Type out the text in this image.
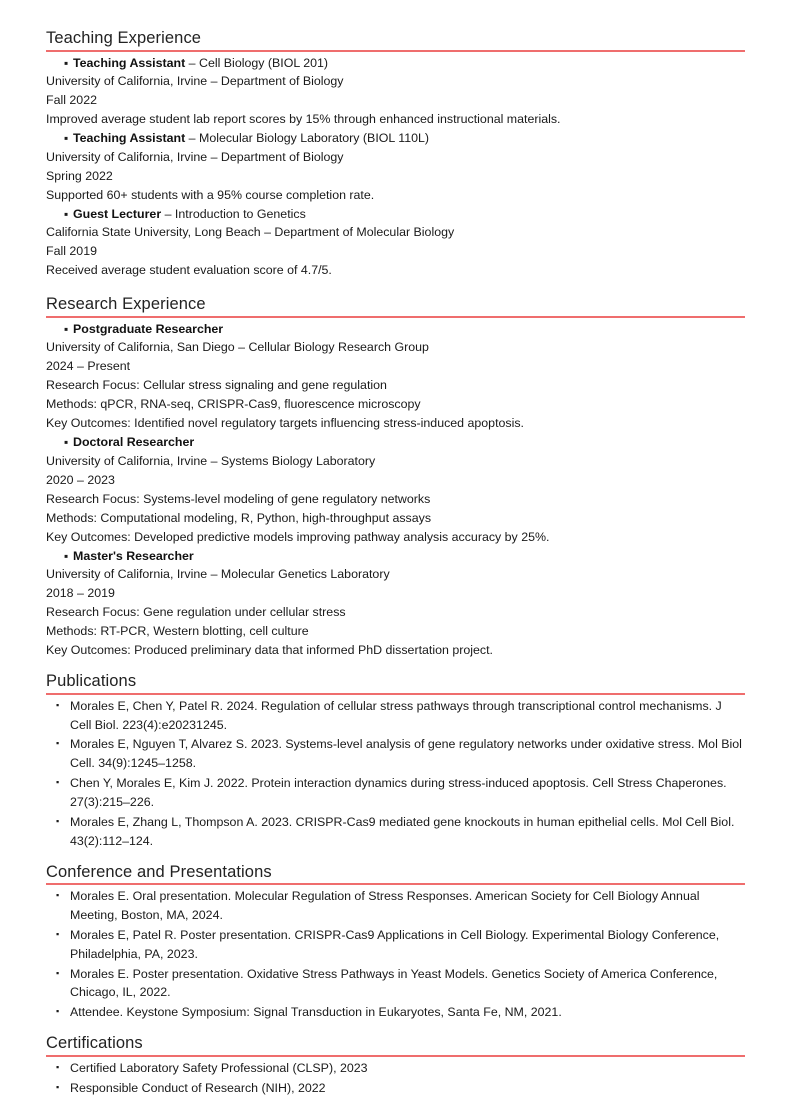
Teaching Experience
▪ Teaching Assistant – Cell Biology (BIOL 201)
University of California, Irvine – Department of Biology
Fall 2022
Improved average student lab report scores by 15% through enhanced instructional materials.
▪ Teaching Assistant – Molecular Biology Laboratory (BIOL 110L)
University of California, Irvine – Department of Biology
Spring 2022
Supported 60+ students with a 95% course completion rate.
▪ Guest Lecturer – Introduction to Genetics
California State University, Long Beach – Department of Molecular Biology
Fall 2019
Received average student evaluation score of 4.7/5.
Research Experience
▪ Postgraduate Researcher
University of California, San Diego – Cellular Biology Research Group
2024 – Present
Research Focus: Cellular stress signaling and gene regulation
Methods: qPCR, RNA-seq, CRISPR-Cas9, fluorescence microscopy
Key Outcomes: Identified novel regulatory targets influencing stress-induced apoptosis.
▪ Doctoral Researcher
University of California, Irvine – Systems Biology Laboratory
2020 – 2023
Research Focus: Systems-level modeling of gene regulatory networks
Methods: Computational modeling, R, Python, high-throughput assays
Key Outcomes: Developed predictive models improving pathway analysis accuracy by 25%.
▪ Master's Researcher
University of California, Irvine – Molecular Genetics Laboratory
2018 – 2019
Research Focus: Gene regulation under cellular stress
Methods: RT-PCR, Western blotting, cell culture
Key Outcomes: Produced preliminary data that informed PhD dissertation project.
Publications
▪ Morales E, Chen Y, Patel R. 2024. Regulation of cellular stress pathways through transcriptional control mechanisms. J Cell Biol. 223(4):e20231245.
▪ Morales E, Nguyen T, Alvarez S. 2023. Systems-level analysis of gene regulatory networks under oxidative stress. Mol Biol Cell. 34(9):1245–1258.
▪ Chen Y, Morales E, Kim J. 2022. Protein interaction dynamics during stress-induced apoptosis. Cell Stress Chaperones. 27(3):215–226.
▪ Morales E, Zhang L, Thompson A. 2023. CRISPR-Cas9 mediated gene knockouts in human epithelial cells. Mol Cell Biol. 43(2):112–124.
Conference and Presentations
▪ Morales E. Oral presentation. Molecular Regulation of Stress Responses. American Society for Cell Biology Annual Meeting, Boston, MA, 2024.
▪ Morales E, Patel R. Poster presentation. CRISPR-Cas9 Applications in Cell Biology. Experimental Biology Conference, Philadelphia, PA, 2023.
▪ Morales E. Poster presentation. Oxidative Stress Pathways in Yeast Models. Genetics Society of America Conference, Chicago, IL, 2022.
▪ Attendee. Keystone Symposium: Signal Transduction in Eukaryotes, Santa Fe, NM, 2021.
Certifications
▪ Certified Laboratory Safety Professional (CLSP), 2023
▪ Responsible Conduct of Research (NIH), 2022
